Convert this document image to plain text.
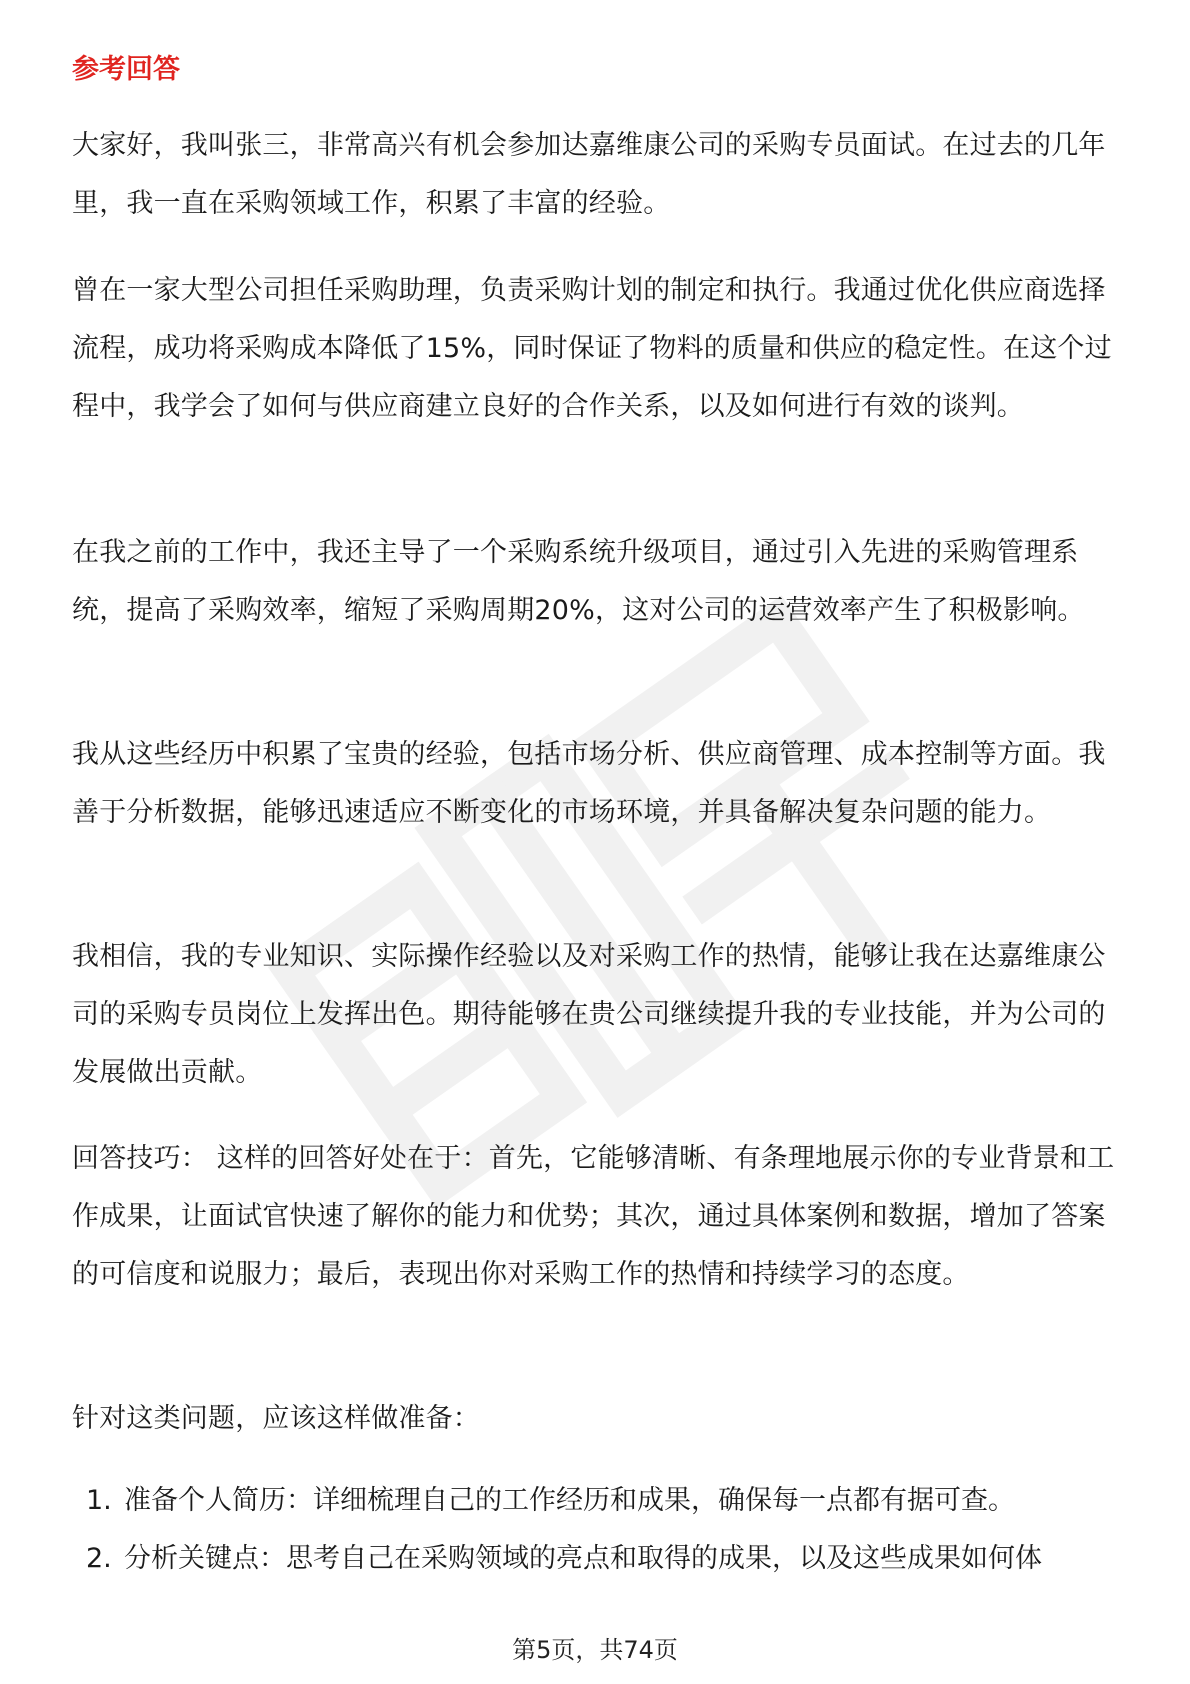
参考回答

大家好，我叫张三，非常高兴有机会参加达嘉维康公司的采购专员面试。在过去的几年里，我一直在采购领域工作，积累了丰富的经验。

曾在一家大型公司担任采购助理，负责采购计划的制定和执行。我通过优化供应商选择流程，成功将采购成本降低了15%，同时保证了物料的质量和供应的稳定性。在这个过程中，我学会了如何与供应商建立良好的合作关系，以及如何进行有效的谈判。

在我之前的工作中，我还主导了一个采购系统升级项目，通过引入先进的采购管理系统，提高了采购效率，缩短了采购周期20%，这对公司的运营效率产生了积极影响。

我从这些经历中积累了宝贵的经验，包括市场分析、供应商管理、成本控制等方面。我善于分析数据，能够迅速适应不断变化的市场环境，并具备解决复杂问题的能力。

我相信，我的专业知识、实际操作经验以及对采购工作的热情，能够让我在达嘉维康公司的采购专员岗位上发挥出色。期待能够在贵公司继续提升我的专业技能，并为公司的发展做出贡献。

回答技巧： 这样的回答好处在于：首先，它能够清晰、有条理地展示你的专业背景和工作成果，让面试官快速了解你的能力和优势；其次，通过具体案例和数据，增加了答案的可信度和说服力；最后，表现出你对采购工作的热情和持续学习的态度。

针对这类问题，应该这样做准备：

1. 准备个人简历：详细梳理自己的工作经历和成果，确保每一点都有据可查。
2. 分析关键点：思考自己在采购领域的亮点和取得的成果，以及这些成果如何体
第5页，共74页
